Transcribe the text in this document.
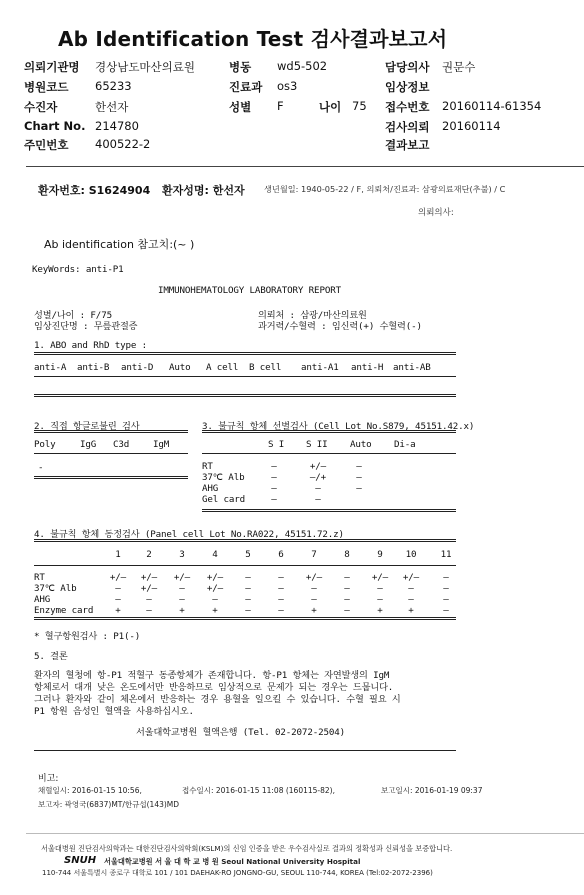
Ab Identification Test 검사결과보고서
의뢰기관명 경상남도마산의료원
병원코드 65233
수진자	한선자
Chart No. 214780
주민번호 400522-2
병동 wd5-502
진료과 os3
성별 F	나이 75
담당의사 권문수
임상정보
접수번호 20160114-61354
검사의뢰 20160114
결과보고
환자번호: S1624904 환자성명: 한선자 생년월일: 1940-05-22 / F, 의뢰처/진료과: 삼광의료재단(추불) / C
의뢰의사:
Ab identification 참고치:(~ )
KeyWords: anti-P1
IMMUNOHEMATOLOGY LABORATORY REPORT
성별/나이 : F/75
임상진단명 : 무릎관절증
의뢰처 : 삼광/마산의료원
과거력/수혈력 : 임신력(+) 수혈력(-)
1. ABO and RhD type :
anti-A anti-B anti-D Auto A cell B cell anti-A1 anti-H anti-AB
2. 직접 항글로불린 검사
Poly	IgG C3d	IgM
-
3. 불규칙 항체 선별검사 (Cell Lot No.S879, 45151.42.x)
S I S II Auto Di-a
RT	–	+/–	–
37℃ Alb	–	–/+	–
AHG	–	–	–
Gel card	–	–
4. 불규칙 항체 동정검사 (Panel cell Lot No.RA022, 45151.72.z)
1	2	3	4	5	6	7	8	9	10	11
RT	+/– +/– +/– +/–	–	–	+/–	–	+/– +/–	–
37℃ Alb	–	+/–	–	+/–	–	–	–	–	–	–	–
AHG	–	–	–	–	–	–	–	–	–	–	–
Enzyme card	+	–	+	+	–	–	+	–	+	+	–
* 혈구항원검사 : P1(-)
5. 결론
환자의 혈청에 항-P1 적혈구 동종항체가 존재합니다. 항-P1 항체는 자연발생의 IgM
항체로서 대개 낮은 온도에서만 반응하므로 임상적으로 문제가 되는 경우는 드뭅니다.
그러나 환자와 같이 체온에서 반응하는 경우 용혈을 일으킬 수 있습니다. 수혈 필요 시
P1 항원 음성인 혈액을 사용하십시오.
서울대학교병원 혈액은행 (Tel. 02-2072-2504)
비고:
채혈일시: 2016-01-15 10:56,	접수일시: 2016-01-15 11:08 (160115-82),	보고일시: 2016-01-19 09:37
보고자: 곽영국(6837)MT/한규섭(143)MD
서울대병원 진단검사의학과는 대한진단검사의학회(KSLM)의 신임 인증을 받은 우수검사실로 결과의 정확성과 신뢰성을 보증합니다.
SNUH 서울대학교병원 서 울 대 학 교 병 원 Seoul National University Hospital
110-744 서울특별시 종로구 대학로 101 / 101 DAEHAK-RO JONGNO-GU, SEOUL 110-744, KOREA (Tel:02-2072-2396)
